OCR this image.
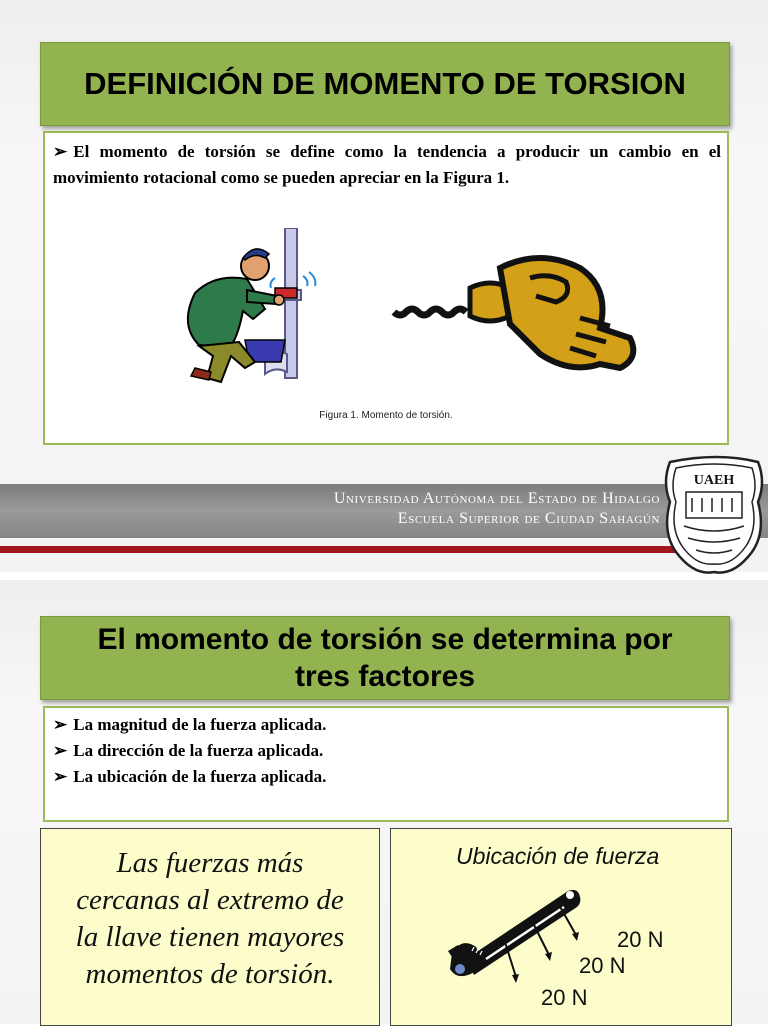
DEFINICIÓN DE MOMENTO DE TORSION
➢ El momento de torsión se define como la tendencia a producir un cambio en el movimiento rotacional como se pueden apreciar en la Figura 1.
Figura 1. Momento de torsión.
Universidad Autónoma del Estado de Hidalgo
Escuela Superior de Ciudad Sahagún
UAEH
El momento de torsión se determina por
tres factores
➢ La magnitud de la fuerza aplicada.
➢ La dirección de la fuerza aplicada.
➢ La ubicación de la fuerza aplicada.
Las fuerzas más
cercanas al extremo de
la llave tienen mayores
momentos de torsión.
Ubicación de fuerza
20 N
20 N
20 N
